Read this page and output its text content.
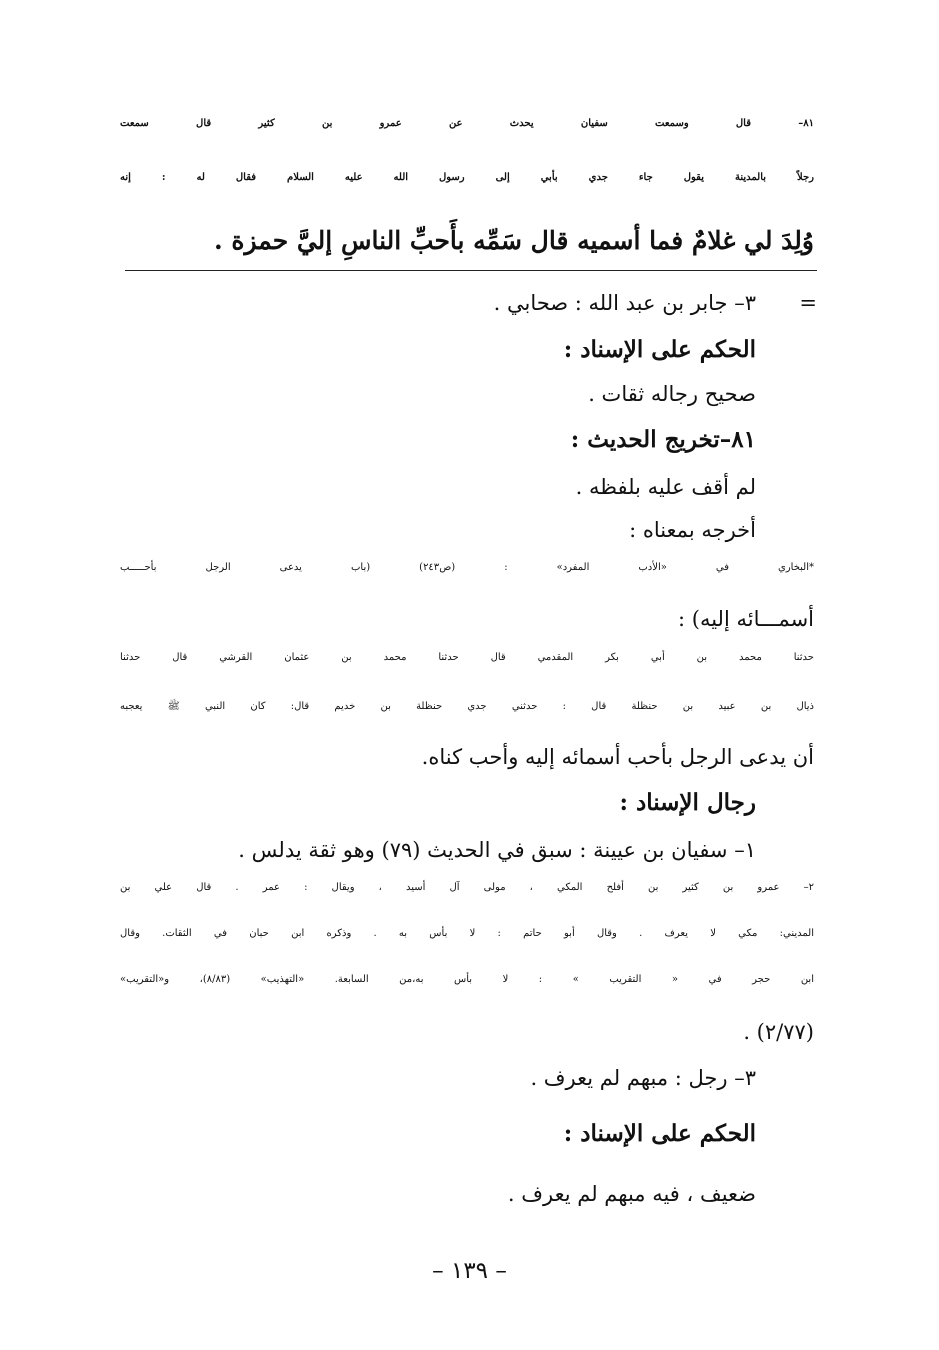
٨١– قال وسمعت سفيان يحدث عن عمرو بن كثير قال سمعت
رجلاً بالمدينة يقول جاء جدي بأبي إلى رسول الله عليه السلام فقال له : إنه
وُلِدَ لي غلامٌ فما أسميه قال سَمِّه بأَحبِّ الناسِ إليَّ حمزة .
=
٣– جابر بن عبد الله : صحابي .
الحكم على الإسناد :
صحيح رجاله ثقات .
٨١–تخريج الحديث :
لم أقف عليه بلفظه .
أخرجه بمعناه :
*البخاري في «الأدب المفرد» : (ص٢٤٣) (باب يدعى الرجل بأحـــــب
أسمـــائه إليه) :
حدثنا محمد بن أبي بكر المقدمي قال حدثنا محمد بن عثمان القرشي قال حدثنا
ذيال بن عبيد بن حنظلة قال : حدثني جدي حنظلة بن خديم قال: كان النبي ﷺ يعجبه
أن يدعى الرجل بأحب أسمائه إليه وأحب كناه.
رجال الإسناد :
١– سفيان بن عيينة : سبق في الحديث (٧٩) وهو ثقة يدلس .
٢– عمرو بن كثير بن أفلح المكي ، مولى آل أسيد ، ويقال : عمر . قال علي بن
المديني: مكي لا يعرف . وقال أبو حاتم : لا بأس به . وذكره ابن حبان في الثقات. وقال
ابن حجر في « التقريب » : لا بأس به،من السابعة. «التهذيب» (٨/٨٣)، و«التقريب»
(٢/٧٧) .
٣– رجل : مبهم لم يعرف .
الحكم على الإسناد :
ضعيف ، فيه مبهم لم يعرف .
– ١٣٩ –
